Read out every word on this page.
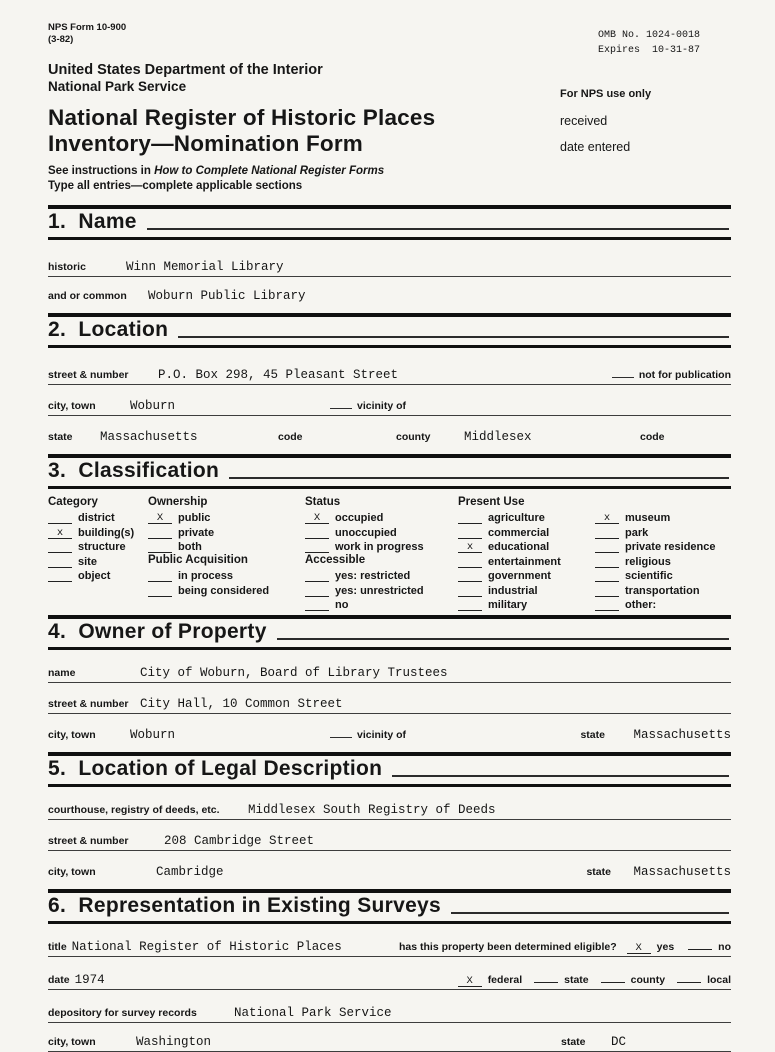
NPS Form 10-900
(3-82)	OMB No. 1024-0018
Expires  10-31-87
United States Department of the Interior
National Park Service	For NPS use only
received
date entered
National Register of Historic Places
Inventory—Nomination Form
See instructions in How to Complete National Register Forms
Type all entries—complete applicable sections
1.  Name
historic	Winn Memorial Library
and or common	Woburn Public Library
2.  Location
street & number	P.O. Box 298, 45 Pleasant Street	not for publication
city, town	Woburn	vicinity of
state	Massachusetts	code	county	Middlesex	code
3.  Classification
Category
district
x	building(s)
structure
site
object
Ownership
X	public
private
both
Public Acquisition
in process
being considered
Status
X	occupied
unoccupied
work in progress
Accessible
yes: restricted
yes: unrestricted
no
Present Use
agriculture
commercial
x	educational
entertainment
government
industrial
military
x	museum
park
private residence
religious
scientific
transportation
other:
4.  Owner of Property
name	City of Woburn, Board of Library Trustees
street & number City Hall, 10 Common Street
city, town	Woburn	vicinity of	state	Massachusetts
5.  Location of Legal Description
courthouse, registry of deeds, etc.	Middlesex South Registry of Deeds
street & number	208 Cambridge Street
city, town	Cambridge	state	Massachusetts
6.  Representation in Existing Surveys
title National Register of Historic Places	has this property been determined eligible?	X	yes	no
date 1974	X	federal	state	county	local
depository for survey records	National Park Service
city, town	Washington	state	DC
